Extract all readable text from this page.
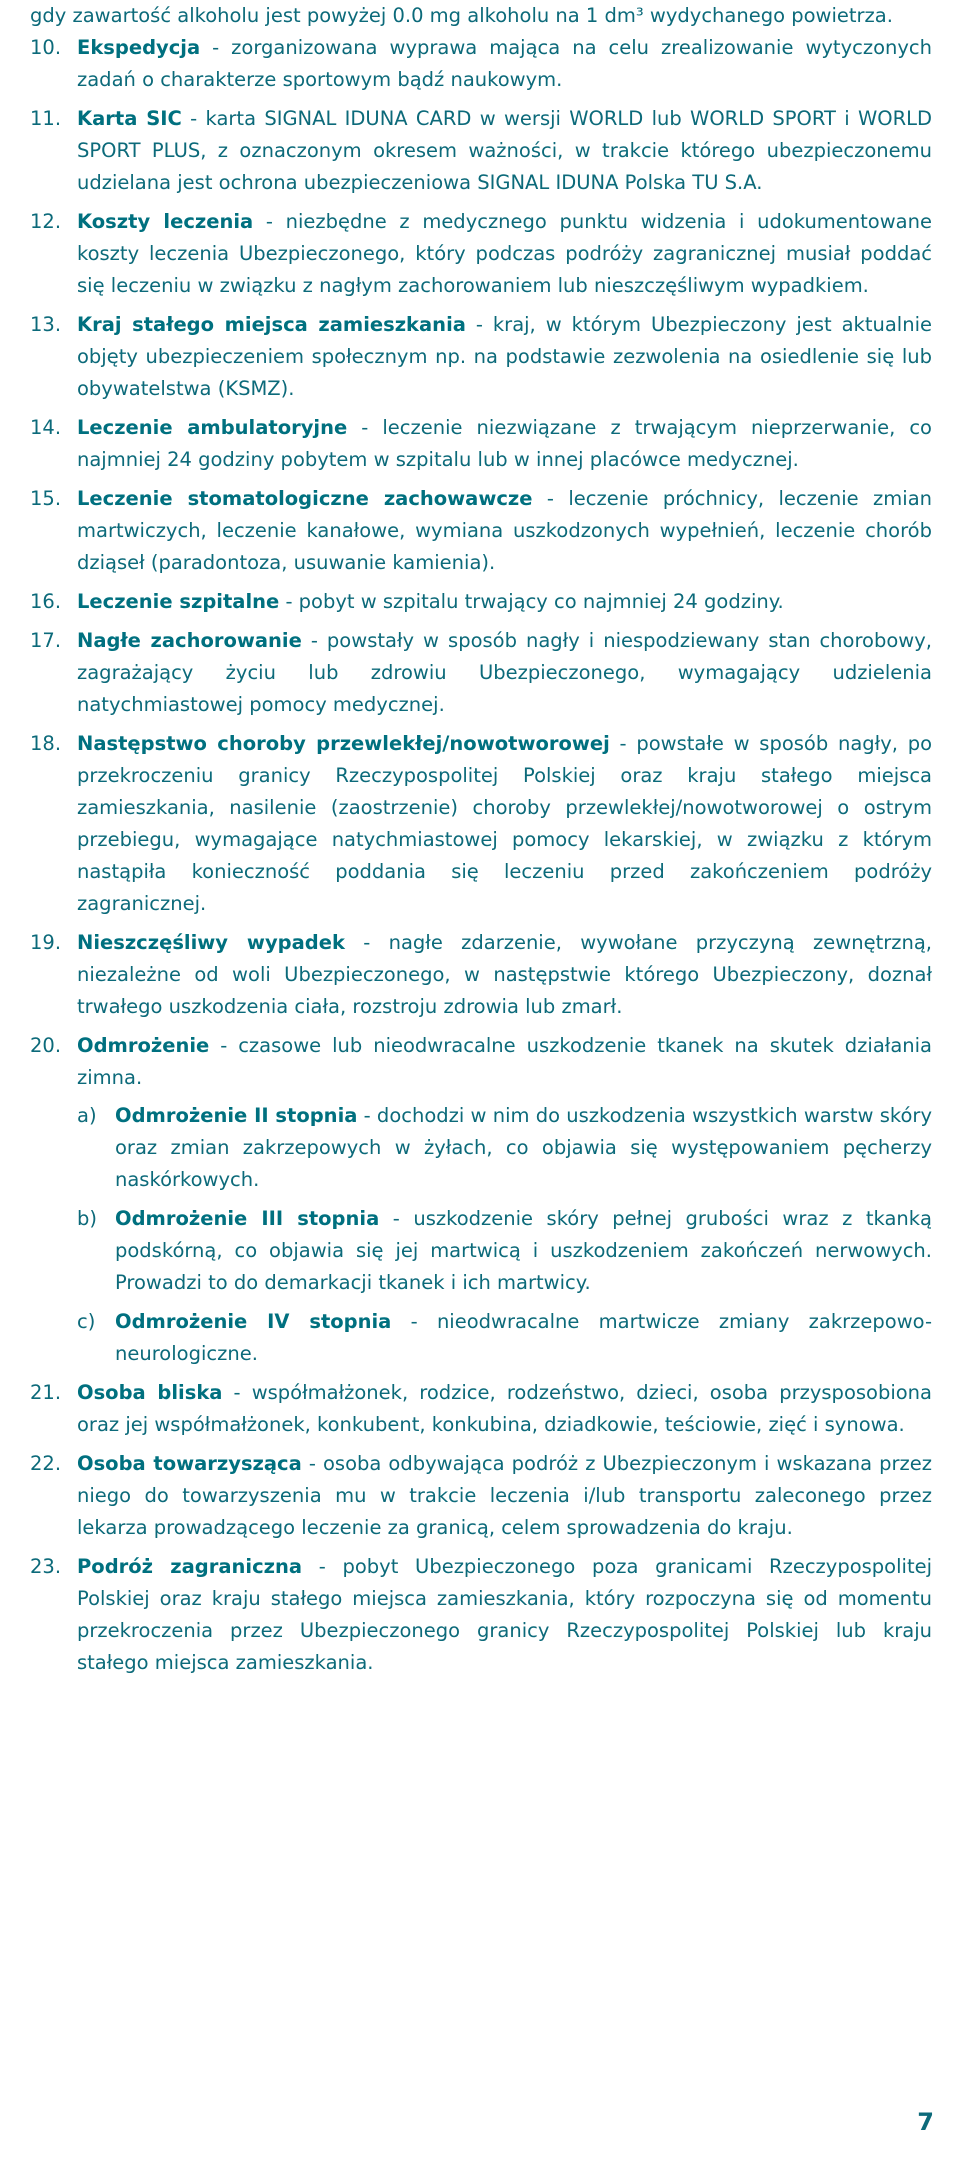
gdy zawartość alkoholu jest powyżej 0.0 mg alkoholu na 1 dm³ wydychanego powietrza.

10. Ekspedycja - zorganizowana wyprawa mająca na celu zrealizowanie wytyczonych zadań o charakterze sportowym bądź naukowym.
11. Karta SIC - karta SIGNAL IDUNA CARD w wersji WORLD lub WORLD SPORT i WORLD SPORT PLUS, z oznaczonym okresem ważności, w trakcie którego ubezpieczonemu udzielana jest ochrona ubezpieczeniowa SIGNAL IDUNA Polska TU S.A.
12. Koszty leczenia - niezbędne z medycznego punktu widzenia i udokumentowane koszty leczenia Ubezpieczonego, który podczas podróży zagranicznej musiał poddać się leczeniu w związku z nagłym zachorowaniem lub nieszczęśliwym wypadkiem.
13. Kraj stałego miejsca zamieszkania - kraj, w którym Ubezpieczony jest aktualnie objęty ubezpieczeniem społecznym np. na podstawie zezwolenia na osiedlenie się lub obywatelstwa (KSMZ).
14. Leczenie ambulatoryjne - leczenie niezwiązane z trwającym nieprzerwanie, co najmniej 24 godziny pobytem w szpitalu lub w innej placówce medycznej.
15. Leczenie stomatologiczne zachowawcze - leczenie próchnicy, leczenie zmian martwiczych, leczenie kanałowe, wymiana uszkodzonych wypełnień, leczenie chorób dziąseł (paradontoza, usuwanie kamienia).
16. Leczenie szpitalne - pobyt w szpitalu trwający co najmniej 24 godziny.
17. Nagłe zachorowanie - powstały w sposób nagły i niespodziewany stan chorobowy, zagrażający życiu lub zdrowiu Ubezpieczonego, wymagający udzielenia natychmiastowej pomocy medycznej.
18. Następstwo choroby przewlekłej/nowotworowej - powstałe w sposób nagły, po przekroczeniu granicy Rzeczypospolitej Polskiej oraz kraju stałego miejsca zamieszkania, nasilenie (zaostrzenie) choroby przewlekłej/nowotworowej o ostrym przebiegu, wymagające natychmiastowej pomocy lekarskiej, w związku z którym nastąpiła konieczność poddania się leczeniu przed zakończeniem podróży zagranicznej.
19. Nieszczęśliwy wypadek - nagłe zdarzenie, wywołane przyczyną zewnętrzną, niezależne od woli Ubezpieczonego, w następstwie którego Ubezpieczony, doznał trwałego uszkodzenia ciała, rozstroju zdrowia lub zmarł.
20. Odmrożenie - czasowe lub nieodwracalne uszkodzenie tkanek na skutek działania zimna.
a) Odmrożenie II stopnia - dochodzi w nim do uszkodzenia wszystkich warstw skóry oraz zmian zakrzepowych w żyłach, co objawia się występowaniem pęcherzy naskórkowych.
b) Odmrożenie III stopnia - uszkodzenie skóry pełnej grubości wraz z tkanką podskórną, co objawia się jej martwicą i uszkodzeniem zakończeń nerwowych. Prowadzi to do demarkacji tkanek i ich martwicy.
c)	Odmrożenie IV stopnia - nieodwracalne martwicze zmiany zakrzepowo-neurologiczne.
21. Osoba bliska - współmałżonek, rodzice, rodzeństwo, dzieci, osoba przysposobiona oraz jej współmałżonek, konkubent, konkubina, dziadkowie, teściowie, zięć i synowa.
22. Osoba towarzysząca - osoba odbywająca podróż z Ubezpieczonym i wskazana przez niego do towarzyszenia mu w trakcie leczenia i/lub transportu zaleconego przez lekarza prowadzącego leczenie za granicą, celem sprowadzenia do kraju.
23. Podróż zagraniczna - pobyt Ubezpieczonego poza granicami Rzeczypospolitej Polskiej oraz kraju stałego miejsca zamieszkania, który rozpoczyna się od momentu przekroczenia przez Ubezpieczonego granicy Rzeczypospolitej Polskiej lub kraju stałego miejsca zamieszkania.
7
